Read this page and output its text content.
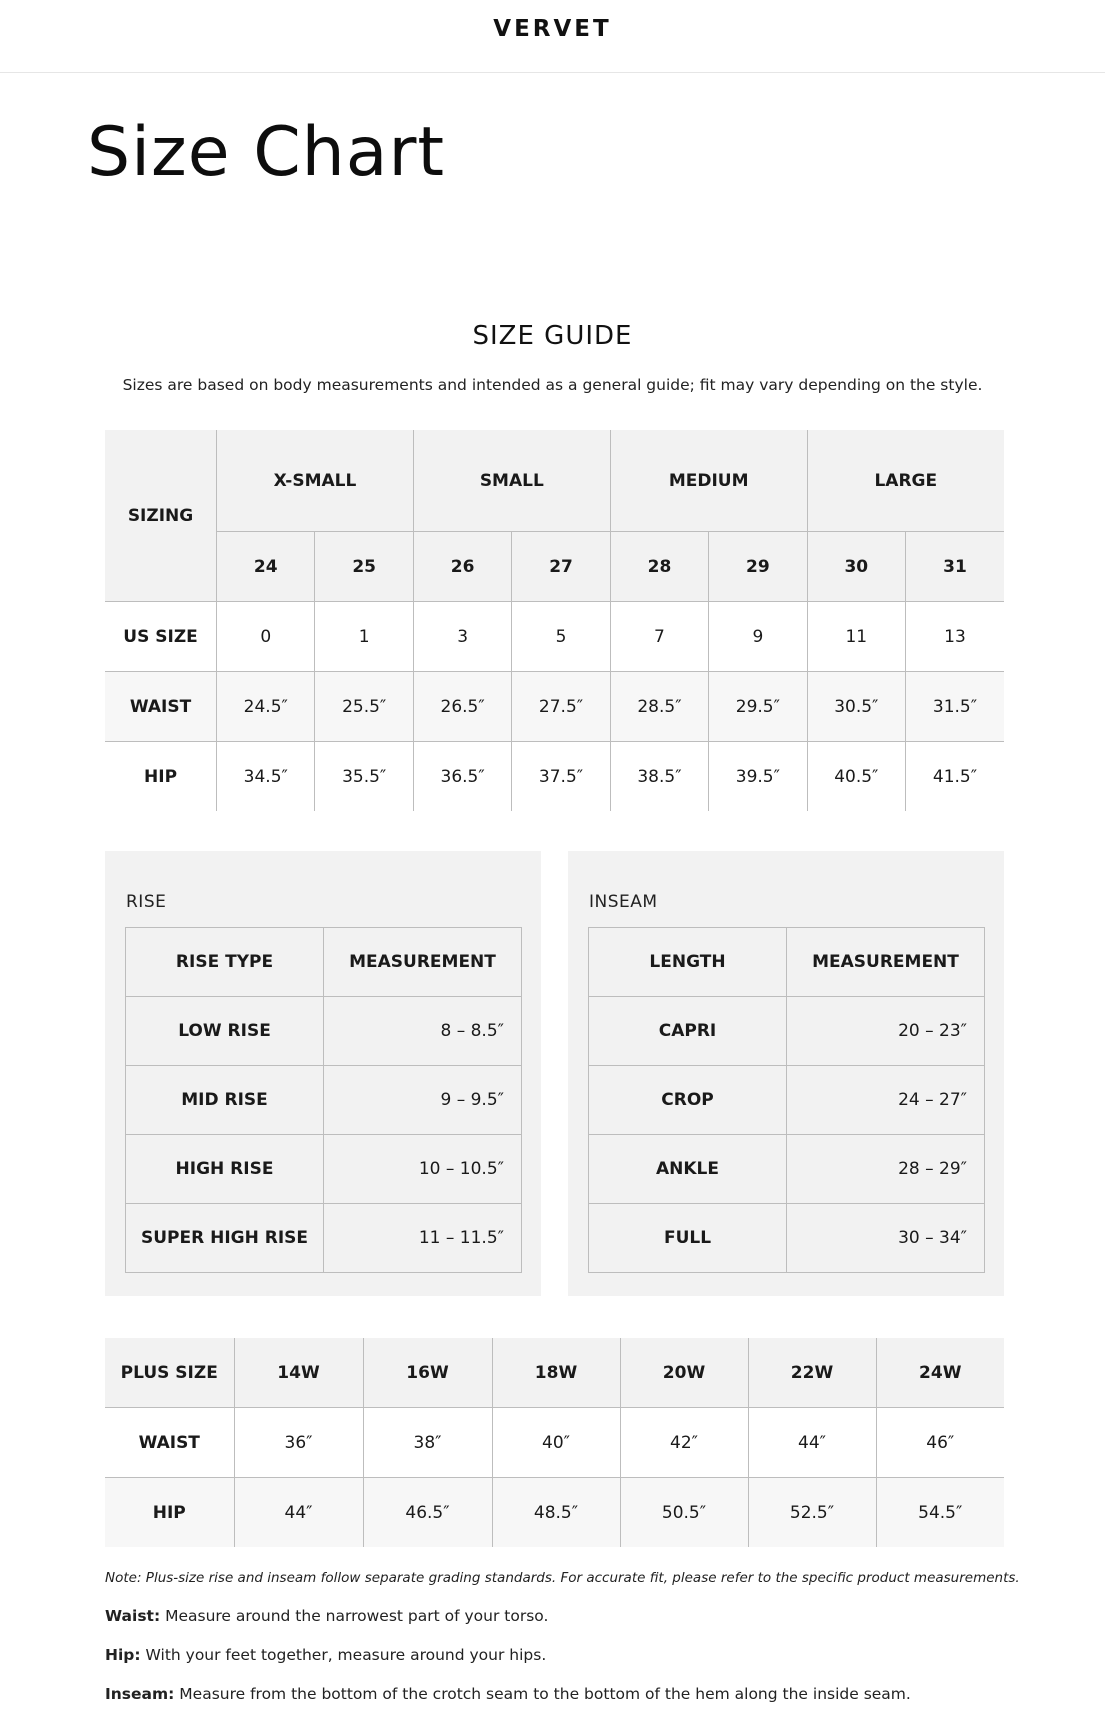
VERVET
Size Chart
SIZE GUIDE
Sizes are based on body measurements and intended as a general guide; fit may vary depending on the style.
SIZING	X-SMALL		SMALL		MEDIUM		LARGE	
	24	25	26	27	28	29	30	31
US SIZE	0	1	3	5	7	9	11	13
WAIST	24.5″	25.5″	26.5″	27.5″	28.5″	29.5″	30.5″	31.5″
HIP	34.5″	35.5″	36.5″	37.5″	38.5″	39.5″	40.5″	41.5″
RISE
RISE TYPE	MEASUREMENT
LOW RISE	8 – 8.5″
MID RISE	9 – 9.5″
HIGH RISE	10 – 10.5″
SUPER HIGH RISE	11 – 11.5″
INSEAM
LENGTH	MEASUREMENT
CAPRI	20 – 23″
CROP	24 – 27″
ANKLE	28 – 29″
FULL	30 – 34″
PLUS SIZE	14W	16W	18W	20W	22W	24W
WAIST	36″	38″	40″	42″	44″	46″
HIP	44″	46.5″	48.5″	50.5″	52.5″	54.5″
Note: Plus-size rise and inseam follow separate grading standards. For accurate fit, please refer to the specific product measurements.
Waist: Measure around the narrowest part of your torso.
Hip: With your feet together, measure around your hips.
Inseam: Measure from the bottom of the crotch seam to the bottom of the hem along the inside seam.
